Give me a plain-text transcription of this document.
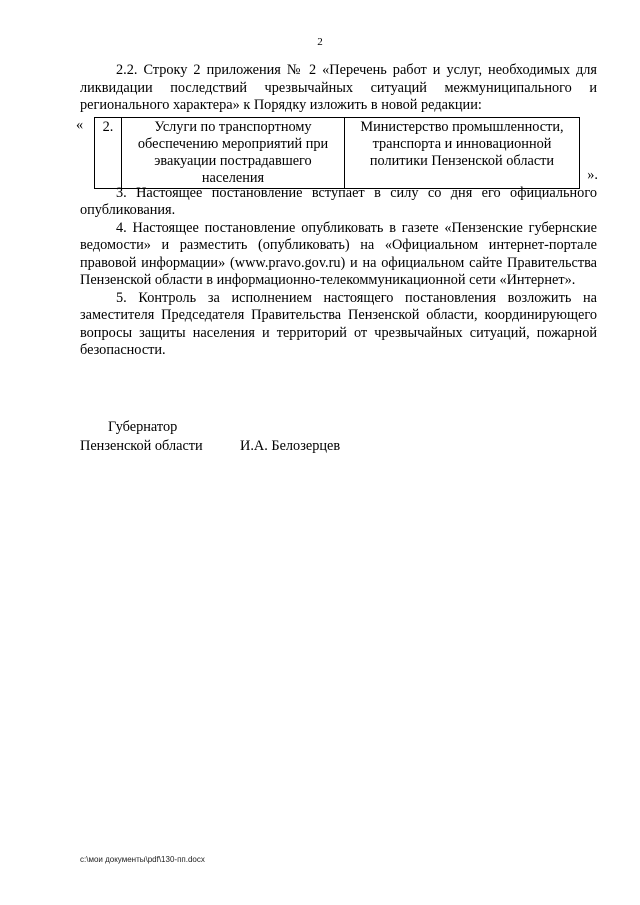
2

2.2. Строку 2 приложения № 2 «Перечень работ и услуг, необходимых для ликвидации последствий чрезвычайных ситуаций межмуниципального и регионального характера» к Порядку изложить в новой редакции:

« 2.	Услуги по транспортному обеспечению мероприятий при эвакуации пострадавшего населения	Министерство промышленности, транспорта и инновационной политики Пензенской области
».

3. Настоящее постановление вступает в силу со дня его официального опубликования.

4. Настоящее постановление опубликовать в газете «Пензенские губернские ведомости» и разместить (опубликовать) на «Официальном интернет-портале правовой информации» (www.pravo.gov.ru) и на официальном сайте Правительства Пензенской области в информационно-телекоммуникационной сети «Интернет».

5. Контроль за исполнением настоящего постановления возложить на заместителя Председателя Правительства Пензенской области, координирующего вопросы защиты населения и территорий от чрезвычайных ситуаций, пожарной безопасности.

Губернатор
Пензенской области	И.А. Белозерцев
c:\мои документы\pdf\130-пп.docx
